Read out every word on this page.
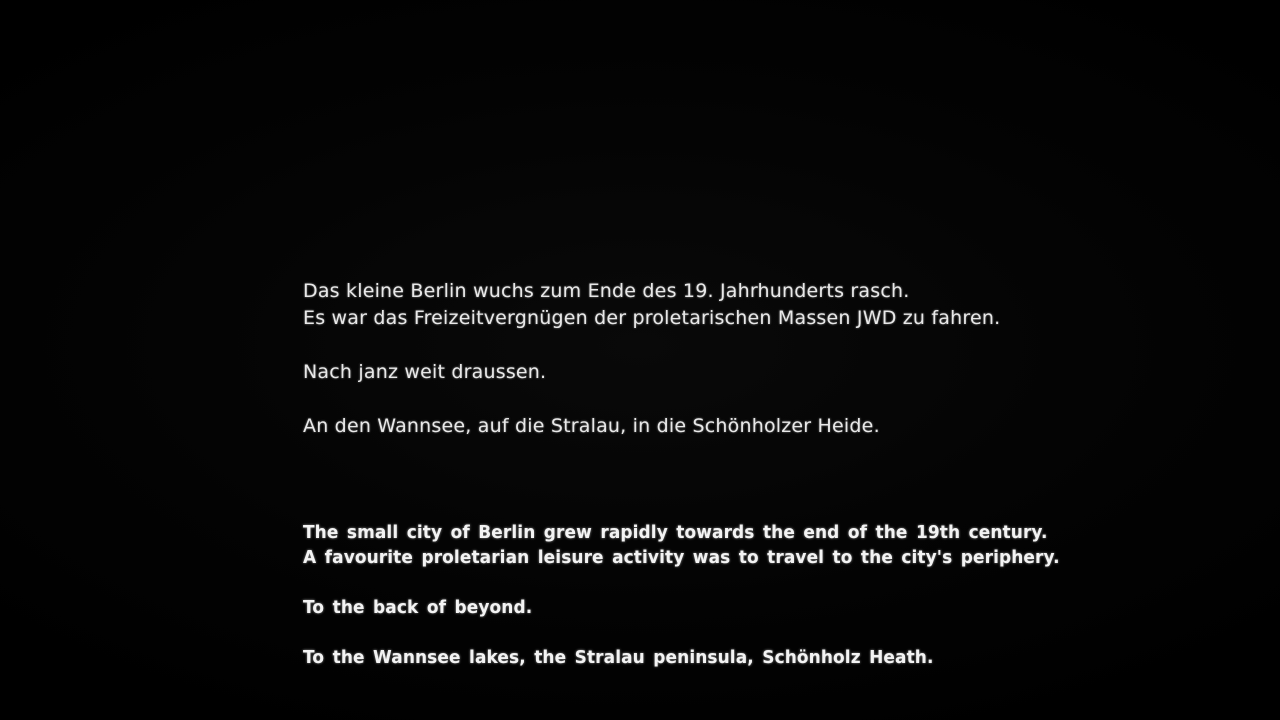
Das kleine Berlin wuchs zum Ende des 19. Jahrhunderts rasch.

Es war das Freizeitvergnügen der proletarischen Massen JWD zu fahren.

Nach janz weit draussen.

An den Wannsee, auf die Stralau, in die Schönholzer Heide.

The small city of Berlin grew rapidly towards the end of the 19th century.

A favourite proletarian leisure activity was to travel to the city's periphery.

To the back of beyond.

To the Wannsee lakes, the Stralau peninsula, Schönholz Heath.
